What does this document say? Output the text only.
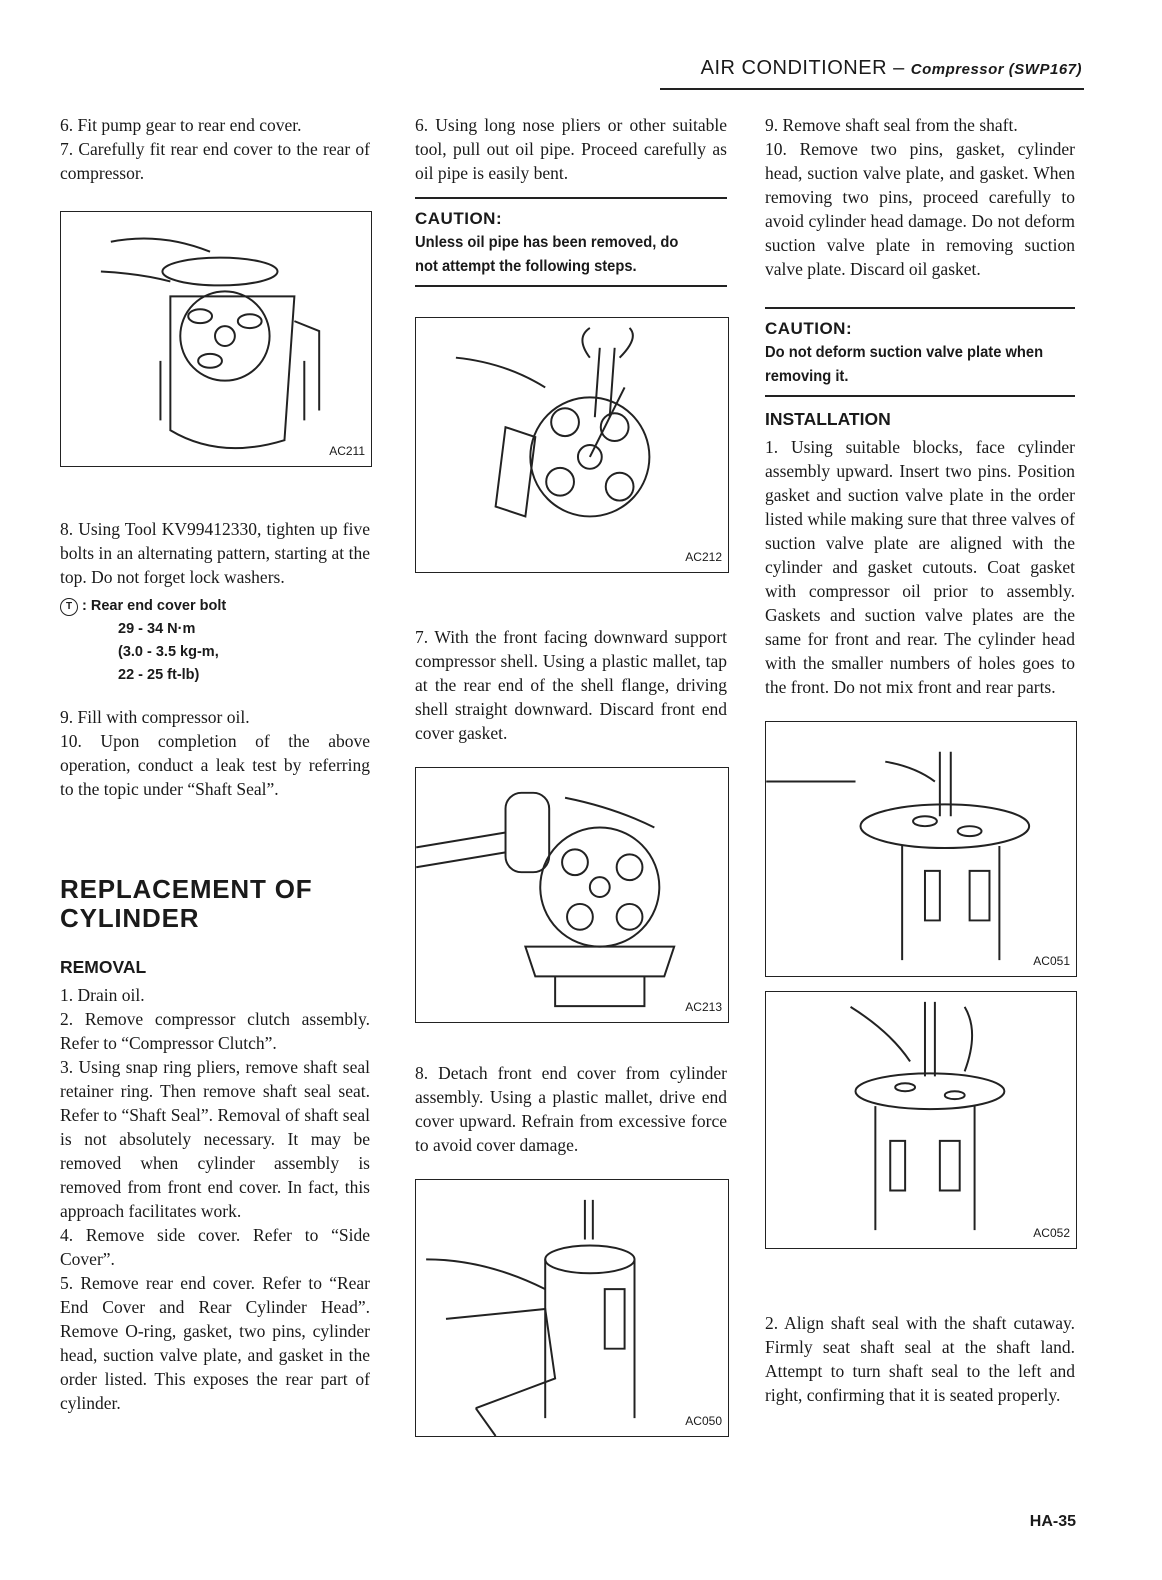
AIR CONDITIONER – Compressor (SWP167)

6. Fit pump gear to rear end cover.

7. Carefully fit rear end cover to the rear of compressor.

AC211

8. Using Tool KV99412330, tighten up five bolts in an alternating pattern, starting at the top. Do not forget lock washers.

T : Rear end cover bolt
29 - 34 N·m
(3.0 - 3.5 kg-m,
22 - 25 ft-lb)

9. Fill with compressor oil.

10. Upon completion of the above operation, conduct a leak test by referring to the topic under “Shaft Seal”.

REPLACEMENT OF CYLINDER
REMOVAL

1. Drain oil.

2. Remove compressor clutch assembly. Refer to “Compressor Clutch”.

3. Using snap ring pliers, remove shaft seal retainer ring. Then remove shaft seal seat. Refer to “Shaft Seal”. Removal of shaft seal is not absolutely necessary. It may be removed when cylinder assembly is removed from front end cover. In fact, this approach facilitates work.

4. Remove side cover. Refer to “Side Cover”.

5. Remove rear end cover. Refer to “Rear End Cover and Rear Cylinder Head”. Remove O-ring, gasket, two pins, cylinder head, suction valve plate, and gasket in the order listed. This exposes the rear part of cylinder.

6. Using long nose pliers or other suitable tool, pull out oil pipe. Proceed carefully as oil pipe is easily bent.

CAUTION:
Unless oil pipe has been removed, do not attempt the following steps.
AC212

7. With the front facing downward support compressor shell. Using a plastic mallet, tap at the rear end of the shell flange, driving shell straight downward. Discard front end cover gasket.

AC213

8. Detach front end cover from cylinder assembly. Using a plastic mallet, drive end cover upward. Refrain from excessive force to avoid cover damage.

AC050

9. Remove shaft seal from the shaft.

10. Remove two pins, gasket, cylinder head, suction valve plate, and gasket. When removing two pins, proceed carefully to avoid cylinder head damage. Do not deform suction valve plate in removing suction valve plate. Discard oil gasket.

CAUTION:
Do not deform suction valve plate when removing it.
INSTALLATION

1. Using suitable blocks, face cylinder assembly upward. Insert two pins. Position gasket and suction valve plate in the order listed while making sure that three valves of suction valve plate are aligned with the cylinder and gasket cutouts. Coat gasket with compressor oil prior to assembly. Gaskets and suction valve plates are the same for front and rear. The cylinder head with the smaller numbers of holes goes to the front. Do not mix front and rear parts.

AC051
AC052

2. Align shaft seal with the shaft cutaway. Firmly seat shaft seal at the shaft land. Attempt to turn shaft seal to the left and right, confirming that it is seated properly.

HA-35
